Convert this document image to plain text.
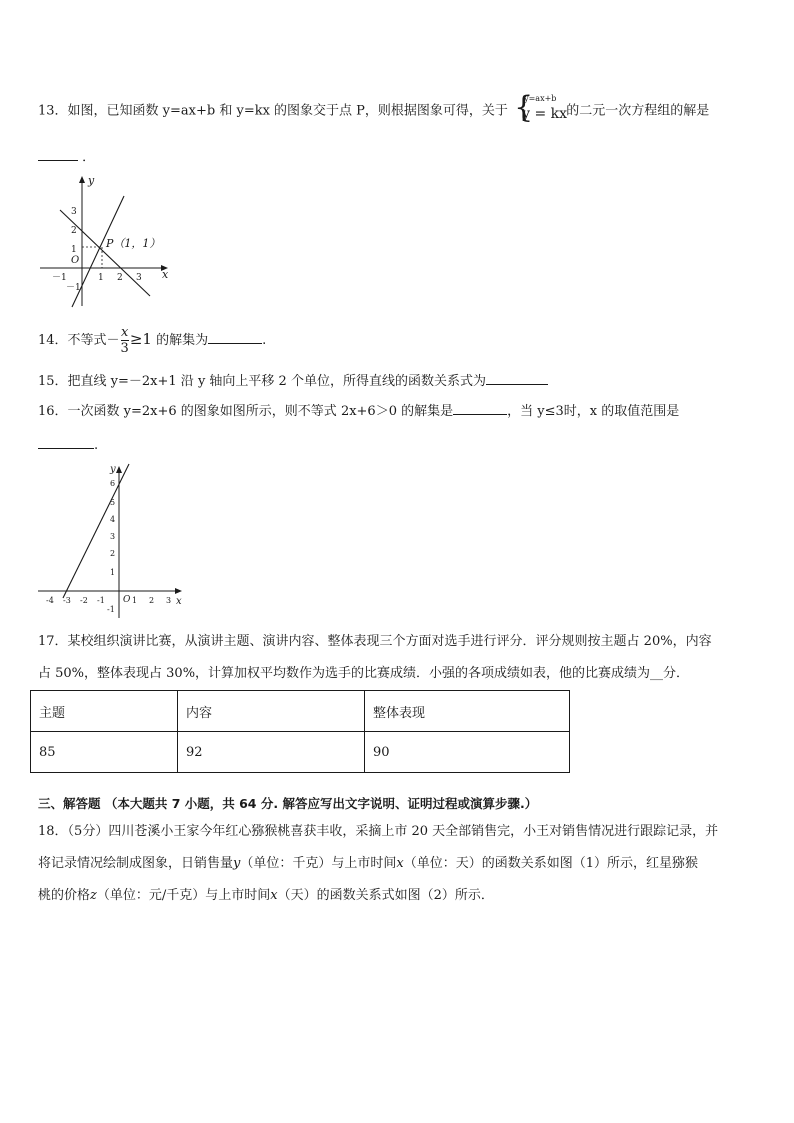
13．如图，已知函数 y=ax+b 和 y=kx 的图象交于点 P，则根据图象可得，关于 {
y=ax+b
y = kx 的二元一次方程组的解是
．
x
y
O
－1	1 2 3
3
2
1
－1
P（1，1）
14．不等式－ $\frac{x}{3} \ge 1$ 的解集为	.
15．把直线 y=－2x+1 沿 y 轴向上平移 2 个单位，所得直线的函数关系式为
16．一次函数 y=2x+6 的图象如图所示，则不等式 2x+6＞0 的解集是	，当 y≤3时，x 的取值范围是
.
x
y
O
-4 -3 -2 -1	1 2 3
6
5
4
3
2
1
-1
17．某校组织演讲比赛，从演讲主题、演讲内容、整体表现三个方面对选手进行评分．评分规则按主题占 20%，内容
占 50%，整体表现占 30%，计算加权平均数作为选手的比赛成绩．小强的各项成绩如表，他的比赛成绩为__分．
主题	内容	整体表现
85	92	90
三、解答题 （本大题共 7 小题，共 64 分. 解答应写出文字说明、证明过程或演算步骤.）
18．（5分）四川苍溪小王家今年红心猕猴桃喜获丰收，采摘上市 20 天全部销售完，小王对销售情况进行跟踪记录，并
将记录情况绘制成图象，日销售量y（单位：千克）与上市时间x（单位：天）的函数关系如图（1）所示，红星猕猴
桃的价格z（单位：元/千克）与上市时间x（天）的函数关系式如图（2）所示．
